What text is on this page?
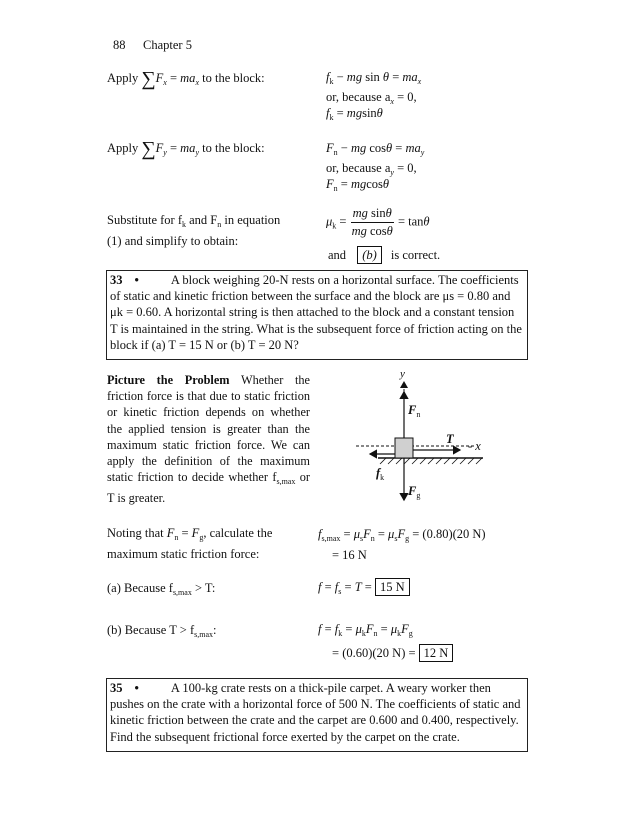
88 Chapter 5
Apply $\sum F_x = ma_x$ to the block:	$f_k$ − mg $\sin \theta = ma_x$
or, because $a_x = 0$,
$f_k = mgsin\theta$
Apply $\sum F_y = ma_y$ to the block:	$F_n$ − mg $\cos\theta = ma_y$
or, because $a_y = 0$,
$F_n = mgcos\theta$
Substitute for $f_k$ and $F_n$ in equation
(1) and simplify to obtain:
$\mu_k = \frac{\text{mg sinθ}}{\text{mg cosθ}} = \tan\theta$
and (b) is correct.
33 •	A block weighing 20-N rests on a horizontal surface. The coefficients
of static and kinetic friction between the surface and the block are μs = 0.80 and
μk = 0.60. A horizontal string is then attached to the block and a constant tension
T is maintained in the string. What is the subsequent force of friction acting on the
block if (a) T = 15 N or (b) T = 20 N?
Picture the Problem Whether the friction force is that due to static friction or kinetic friction depends on whether the applied tension is greater than the maximum static friction force. We can apply the definition of the maximum static friction to decide whether $f_{s,max}$ or T is greater.
y
$F_n$
T - x
$f_k$
$F_g$
Noting that $F_n = F_g$, calculate the
maximum static friction force:
$f_{s,max} = \mu_sF_n = \mu_sF_g = (0.80)(20$ N)
= 16 N
(a) Because $f_{s,max} > T$:	$f = f_s = T = 15$ N
(b) Because $T > f_{s,max}$:	$f = f_k = \mu_kF_n = \mu_kF_g$
= (0.60)(20 N) = 12 N
35 •	A 100-kg crate rests on a thick-pile carpet. A weary worker then
pushes on the crate with a horizontal force of 500 N. The coefficients of static and
kinetic friction between the crate and the carpet are 0.600 and 0.400, respectively.
Find the subsequent frictional force exerted by the carpet on the crate.
